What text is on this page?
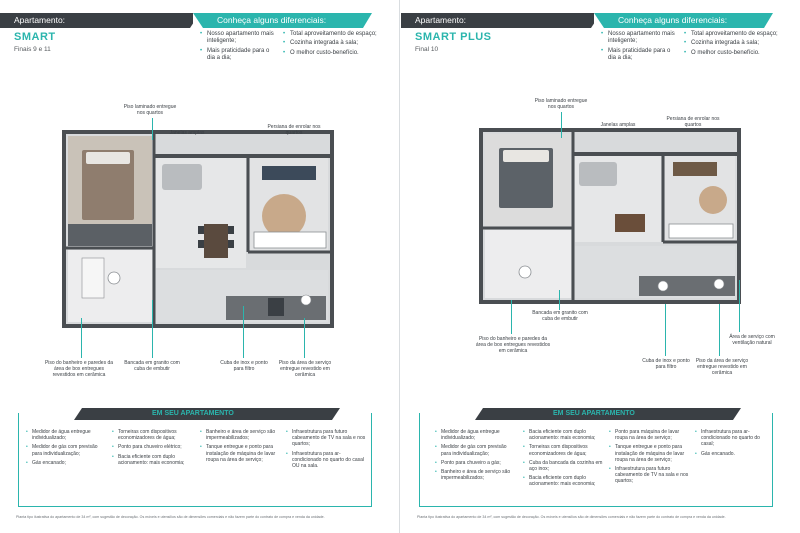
Apartamento:	Conheça alguns diferenciais:
SMART
Finais 9 e 11
• Nosso apartamento mais inteligente;
• Mais praticidade para o dia a dia;
• Total aproveitamento de espaço;
• Cozinha integrada à sala;
• O melhor custo-benefício.
Piso laminado entregue nos quartos
Janelas amplas
Persiana de enrolar nos quartos
Piso do banheiro e paredes da área de box entregues revestidos em cerâmica
Bancada em granito com cuba de embutir
Cuba de inox e ponto para filtro
Piso da área de serviço entregue revestido em cerâmica
EM SEU APARTAMENTO
• Medidor de água entregue individualizado;
• Medidor de gás com previsão para individualização;
• Gás encanado;
• Torneiras com dispositivos economizadores de água;
• Ponto para chuveiro elétrico;
• Bacia eficiente com duplo acionamento: mais economia;
• Banheiro e área de serviço são impermeabilizados;
• Tanque entregue e ponto para instalação de máquina de lavar roupa na área de serviço;
• Infraestrutura para futuro cabeamento de TV na sala e nos quartos;
• Infraestrutura para ar-condicionado no quarto do casal OU na sala.
Planta tipo ilustrativa do apartamento de 34 m², com sugestão de decoração. Os móveis e utensílios são de dimensões comerciais e não fazem parte do contrato de compra e venda da unidade.
Apartamento:	Conheça alguns diferenciais:
SMART PLUS
Final 10
• Nosso apartamento mais inteligente;
• Mais praticidade para o dia a dia;
• Total aproveitamento de espaço;
• Cozinha integrada à sala;
• O melhor custo-benefício.
Piso laminado entregue nos quartos
Janelas amplas
Persiana de enrolar nos quartos
Bancada em granito com cuba de embutir
Piso do banheiro e paredes da área de box entregues revestidos em cerâmica
Área de serviço com ventilação natural
Cuba de inox e ponto para filtro
Piso da área de serviço entregue revestido em cerâmica
EM SEU APARTAMENTO
• Medidor de água entregue individualizado;
• Medidor de gás com previsão para individualização;
• Ponto para chuveiro a gás;
• Banheiro e área de serviço são impermeabilizados;
• Bacia eficiente com duplo acionamento: mais economia;
• Torneiras com dispositivos economizadores de água;
• Cuba da bancada da cozinha em aço inox;
• Bacia eficiente com duplo acionamento: mais economia;
• Ponto para máquina de lavar roupa na área de serviço;
• Tanque entregue e ponto para instalação de máquina de lavar roupa na área de serviço;
• Infraestrutura para futuro cabeamento de TV na sala e nos quartos;
• Infraestrutura para ar-condicionado no quarto do casal;
• Gás encanado.
Planta tipo ilustrativa do apartamento de 34 m², com sugestão de decoração. Os móveis e utensílios são de dimensões comerciais e não fazem parte do contrato de compra e venda da unidade.
